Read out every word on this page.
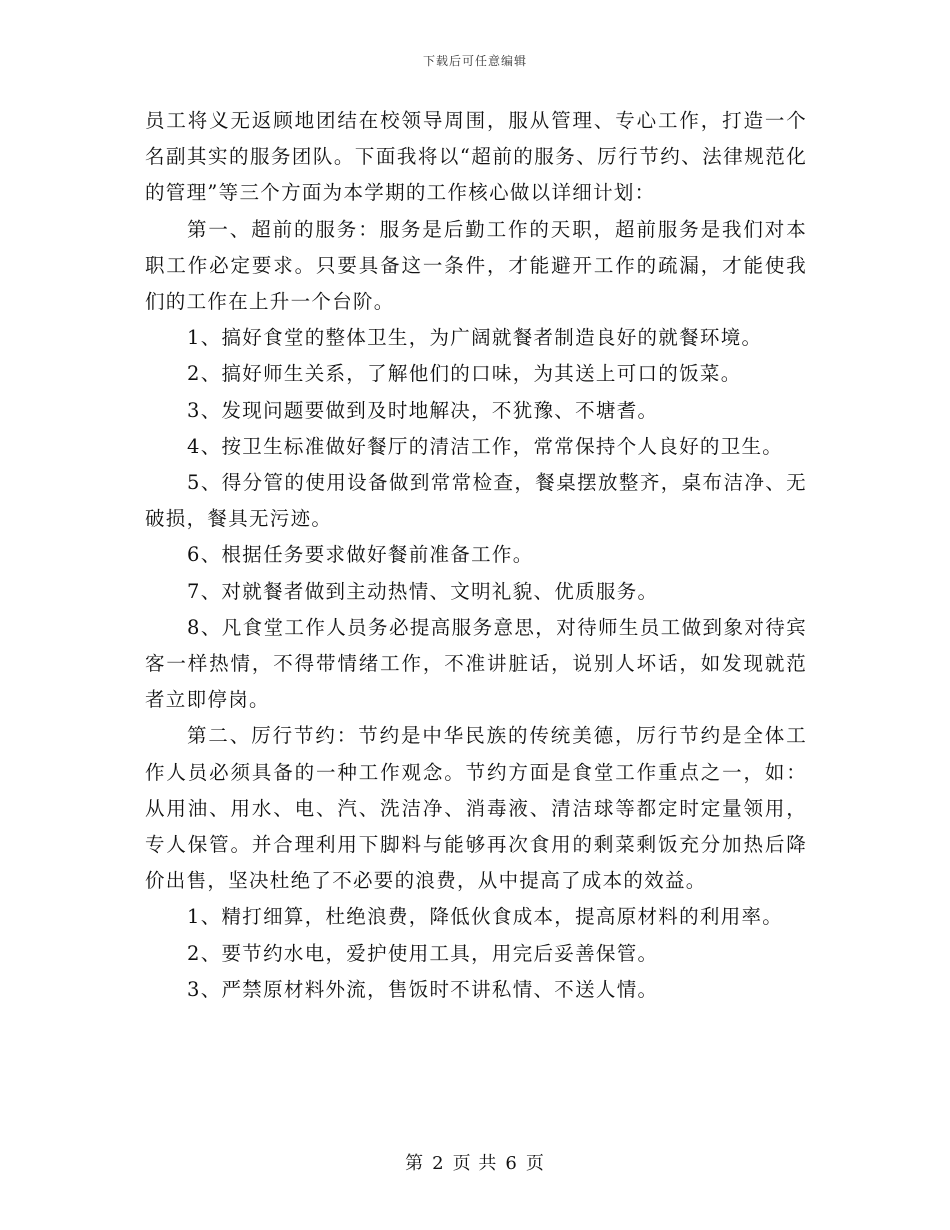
下载后可任意编辑

员工将义无返顾地团结在校领导周围，服从管理、专心工作，打造一个名副其实的服务团队。下面我将以“超前的服务、厉行节约、法律规范化的管理”等三个方面为本学期的工作核心做以详细计划：

第一、超前的服务：服务是后勤工作的天职，超前服务是我们对本职工作必定要求。只要具备这一条件，才能避开工作的疏漏，才能使我们的工作在上升一个台阶。

1、搞好食堂的整体卫生，为广阔就餐者制造良好的就餐环境。

2、搞好师生关系，了解他们的口味，为其送上可口的饭菜。

3、发现问题要做到及时地解决，不犹豫、不塘耆。

4、按卫生标准做好餐厅的清洁工作，常常保持个人良好的卫生。

5、得分管的使用设备做到常常检查，餐桌摆放整齐，桌布洁净、无破损，餐具无污迹。

6、根据任务要求做好餐前准备工作。

7、对就餐者做到主动热情、文明礼貌、优质服务。

8、凡食堂工作人员务必提高服务意思，对待师生员工做到象对待宾客一样热情，不得带情绪工作，不准讲脏话，说别人坏话，如发现就范者立即停岗。

第二、厉行节约：节约是中华民族的传统美德，厉行节约是全体工作人员必须具备的一种工作观念。节约方面是食堂工作重点之一，如：从用油、用水、电、汽、洗洁净、消毒液、清洁球等都定时定量领用，专人保管。并合理利用下脚料与能够再次食用的剩菜剩饭充分加热后降价出售，坚决杜绝了不必要的浪费，从中提高了成本的效益。

1、精打细算，杜绝浪费，降低伙食成本，提高原材料的利用率。

2、要节约水电，爱护使用工具，用完后妥善保管。

3、严禁原材料外流，售饭时不讲私情、不送人情。

第 2 页 共 6 页
